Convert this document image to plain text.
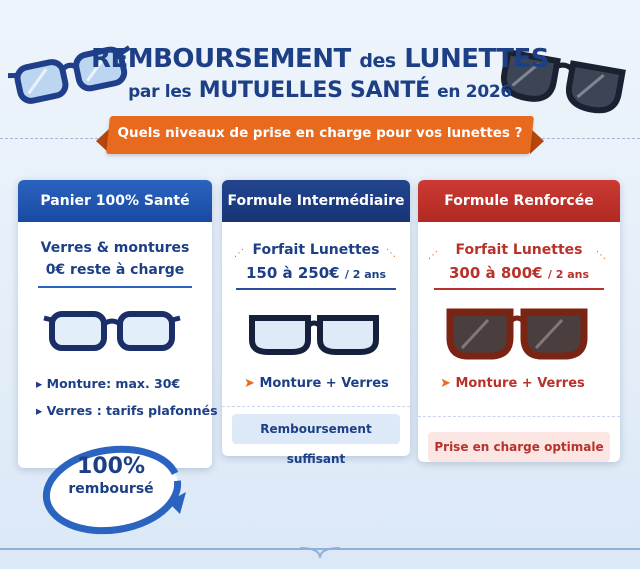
REMBOURSEMENT des LUNETTES
par les MUTUELLES SANTÉ en 2026
Quels niveaux de prise en charge pour vos lunettes ?
Panier 100% Santé
Verres & montures
0€ reste à charge
▸ Monture: max. 30€
▸ Verres : tarifs plafonnés
Formule Intermédiaire
⋰	⋱
Forfait Lunettes
150 à 250€ / 2 ans
➤ Monture + Verres
Remboursement suffisant
Formule Renforcée
⋰	⋱
Forfait Lunettes
300 à 800€ / 2 ans
➤ Monture + Verres
Prise en charge optimale
100%
remboursé
